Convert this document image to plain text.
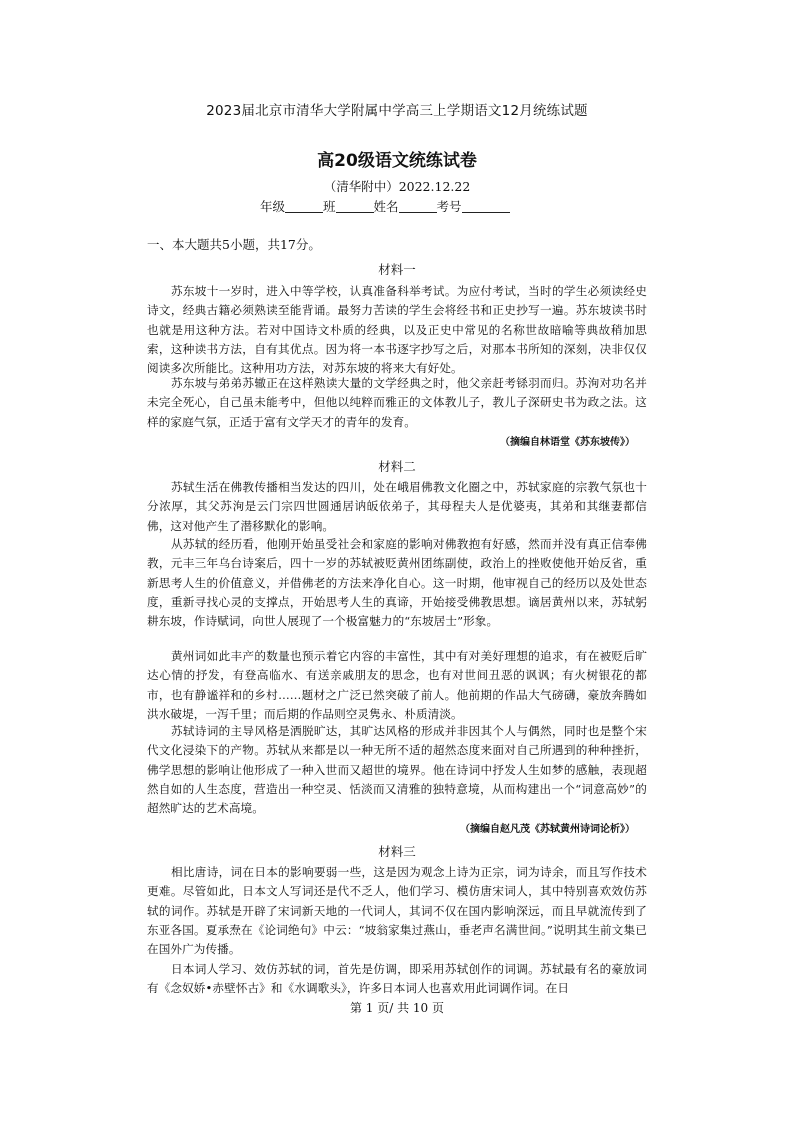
2023届北京市清华大学附属中学高三上学期语文12月统练试题
高20级语文统练试卷
（清华附中）2022.12.22
年级	班	姓名	考号
一、本大题共5小题，共17分。
材料一

苏东坡十一岁时，进入中等学校，认真准备科举考试。为应付考试，当时的学生必须读经史诗文，经典古籍必须熟读至能背诵。最努力苦读的学生会将经书和正史抄写一遍。苏东坡读书时也就是用这种方法。若对中国诗文朴质的经典，以及正史中常见的名称世故暗喻等典故稍加思索，这种读书方法，自有其优点。因为将一本书逐字抄写之后，对那本书所知的深刻，决非仅仅阅读多次所能比。这种用功方法，对苏东坡的将来大有好处。

苏东坡与弟弟苏辙正在这样熟读大量的文学经典之时，他父亲赶考铩羽而归。苏洵对功名并未完全死心，自己虽未能考中，但他以纯粹而雅正的文体教儿子，教儿子深研史书为政之法。这样的家庭气氛，正适于富有文学天才的青年的发育。

（摘编自林语堂《苏东坡传》）
材料二

苏轼生活在佛教传播相当发达的四川，处在峨眉佛教文化圈之中，苏轼家庭的宗教气氛也十分浓厚，其父苏洵是云门宗四世圆通居讷皈依弟子，其母程夫人是优婆夷，其弟和其继妻都信佛，这对他产生了潜移默化的影响。

从苏轼的经历看，他刚开始虽受社会和家庭的影响对佛教抱有好感，然而并没有真正信奉佛教，元丰三年乌台诗案后，四十一岁的苏轼被贬黄州团练副使，政治上的挫败使他开始反省，重新思考人生的价值意义，并借佛老的方法来净化自心。这一时期，他审视自己的经历以及处世态度，重新寻找心灵的支撑点，开始思考人生的真谛，开始接受佛教思想。谪居黄州以来，苏轼躬耕东坡，作诗赋词，向世人展现了一个极富魅力的“东坡居士”形象。

黄州词如此丰产的数量也预示着它内容的丰富性，其中有对美好理想的追求，有在被贬后旷达心情的抒发，有登高临水、有送亲戚朋友的思念，也有对世间丑恶的讽讽；有火树银花的都市，也有静谧祥和的乡村……题材之广泛已然突破了前人。他前期的作品大气磅礴，豪放奔腾如洪水破堤，一泻千里；而后期的作品则空灵隽永、朴质清淡。

苏轼诗词的主导风格是洒脱旷达，其旷达风格的形成并非因其个人与偶然，同时也是整个宋代文化浸染下的产物。苏轼从来都是以一种无所不适的超然态度来面对自己所遇到的种种挫折，佛学思想的影响让他形成了一种入世而又超世的境界。他在诗词中抒发人生如梦的感触，表现超然自如的人生态度，营造出一种空灵、恬淡而又清雅的独特意境，从而构建出一个“词意高妙”的超然旷达的艺术高境。

（摘编自赵凡茂《苏轼黄州诗词论析》）
材料三

相比唐诗，词在日本的影响要弱一些，这是因为观念上诗为正宗，词为诗余，而且写作技术更难。尽管如此，日本文人写词还是代不乏人，他们学习、模仿唐宋词人，其中特别喜欢效仿苏轼的词作。苏轼是开辟了宋词新天地的一代词人，其词不仅在国内影响深远，而且早就流传到了东亚各国。夏承焘在《论词绝句》中云：“坡翁家集过燕山，垂老声名满世间。”说明其生前文集已在国外广为传播。

日本词人学习、效仿苏轼的词，首先是仿调，即采用苏轼创作的词调。苏轼最有名的豪放词有《念奴娇•赤壁怀古》和《水调歌头》，许多日本词人也喜欢用此词调作词。在日

第 1 页/ 共 10 页
